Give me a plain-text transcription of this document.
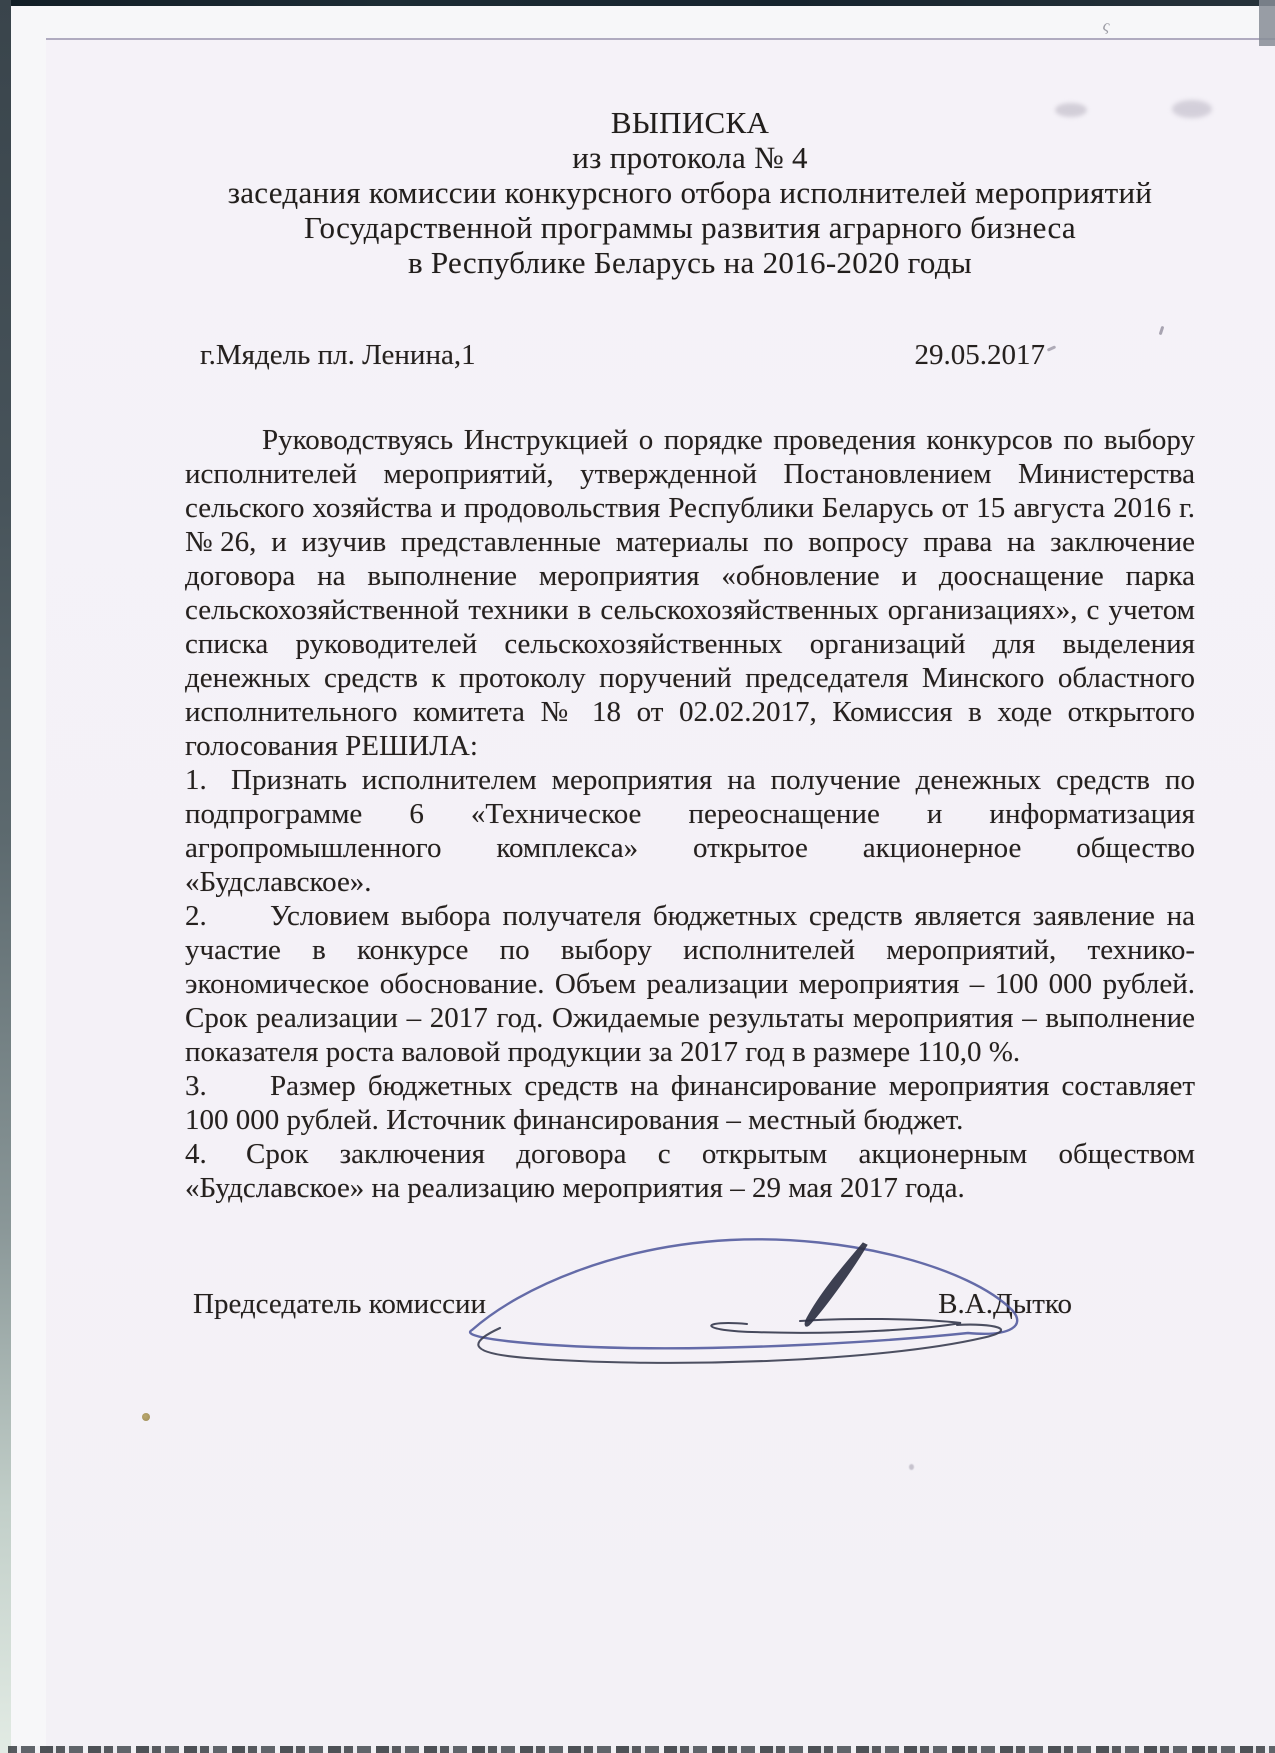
ВЫПИСКА
из протокола № 4
заседания комиссии конкурсного отбора исполнителей мероприятий
Государственной программы развития аграрного бизнеса
в Республике Беларусь на 2016-2020 годы
г.Мядель пл. Ленина,1	29.05.2017

Руководствуясь Инструкцией о порядке проведения конкурсов по выбору исполнителей мероприятий, утвержденной Постановлением Министерства сельского хозяйства и продовольствия Республики Беларусь от 15 августа 2016 г. №26, и изучив представленные материалы по вопросу права на заключение договора на выполнение мероприятия «обновление и дооснащение парка сельскохозяйственной техники в сельскохозяйственных организациях», с учетом списка руководителей сельскохозяйственных организаций для выделения денежных средств к протоколу поручений председателя Минского областного исполнительного комитета № 18 от 02.02.2017, Комиссия в ходе открытого голосования РЕШИЛА:

1. Признать исполнителем мероприятия на получение денежных средств по подпрограмме 6 «Техническое переоснащение и информатизация агропромышленного комплекса» открытое акционерное общество «Будславское».

2. Условием выбора получателя бюджетных средств является заявление на участие в конкурсе по выбору исполнителей мероприятий, технико-экономическое обоснование. Объем реализации мероприятия – 100 000 рублей. Срок реализации – 2017 год. Ожидаемые результаты мероприятия – выполнение показателя роста валовой продукции за 2017 год в размере 110,0 %.

3. Размер бюджетных средств на финансирование мероприятия составляет 100 000 рублей. Источник финансирования – местный бюджет.

4. Срок заключения договора с открытым акционерным обществом «Будславское» на реализацию мероприятия – 29 мая 2017 года.

Председатель комиссии	В.А.Дытко
ς
